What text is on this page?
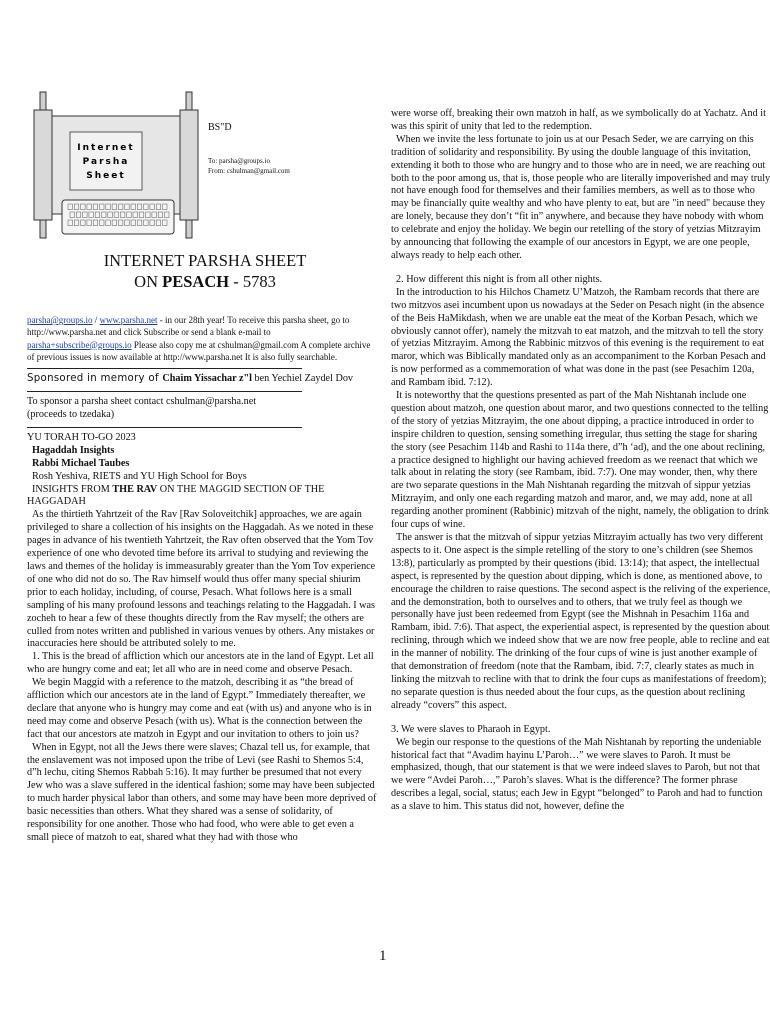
Internet
Parsha
Sheet
BS"D
To: parsha@groups.io
From: cshulman@gmail.com
INTERNET PARSHA SHEET
ON PESACH - 5783

parsha@groups.io / www.parsha.net - in our 28th year! To receive this parsha sheet, go to http://www.parsha.net and click Subscribe or send a blank e-mail to parsha+subscribe@groups.io Please also copy me at cshulman@gmail.com A complete archive of previous issues is now available at http://www.parsha.net It is also fully searchable.

Sponsored in memory of Chaim Yissachar z"l ben Yechiel Zaydel Dov

To sponsor a parsha sheet contact cshulman@parsha.net

(proceeds to tzedaka)

YU TORAH TO-GO 2023

Hagaddah Insights

Rabbi Michael Taubes

Rosh Yeshiva, RIETS and YU High School for Boys

INSIGHTS FROM THE RAV ON THE MAGGID SECTION OF THE HAGGADAH

As the thirtieth Yahrtzeit of the Rav [Rav Soloveitchik] approaches, we are again privileged to share a collection of his insights on the Haggadah. As we noted in these pages in advance of his twentieth Yahrtzeit, the Rav often observed that the Yom Tov experience of one who devoted time before its arrival to studying and reviewing the laws and themes of the holiday is immeasurably greater than the Yom Tov experience of one who did not do so. The Rav himself would thus offer many special shiurim prior to each holiday, including, of course, Pesach. What follows here is a small sampling of his many profound lessons and teachings relating to the Haggadah. I was zocheh to hear a few of these thoughts directly from the Rav myself; the others are culled from notes written and published in various venues by others. Any mistakes or inaccuracies here should be attributed solely to me.

1. This is the bread of affliction which our ancestors ate in the land of Egypt. Let all who are hungry come and eat; let all who are in need come and observe Pesach.

We begin Maggid with a reference to the matzoh, describing it as “the bread of affliction which our ancestors ate in the land of Egypt.” Immediately thereafter, we declare that anyone who is hungry may come and eat (with us) and anyone who is in need may come and observe Pesach (with us). What is the connection between the fact that our ancestors ate matzoh in Egypt and our invitation to others to join us?

When in Egypt, not all the Jews there were slaves; Chazal tell us, for example, that the enslavement was not imposed upon the tribe of Levi (see Rashi to Shemos 5:4, d”h lechu, citing Shemos Rabbah 5:16). It may further be presumed that not every Jew who was a slave suffered in the identical fashion; some may have been subjected to much harder physical labor than others, and some may have been more deprived of basic necessities than others. What they shared was a sense of solidarity, of responsibility for one another. Those who had food, who were able to get even a small piece of matzoh to eat, shared what they had with those who

were worse off, breaking their own matzoh in half, as we symbolically do at Yachatz. And it was this spirit of unity that led to the redemption.

When we invite the less fortunate to join us at our Pesach Seder, we are carrying on this tradition of solidarity and responsibility. By using the double language of this invitation, extending it both to those who are hungry and to those who are in need, we are reaching out both to the poor among us, that is, those people who are literally impoverished and may truly not have enough food for themselves and their families members, as well as to those who may be financially quite wealthy and who have plenty to eat, but are "in need" because they are lonely, because they don’t “fit in” anywhere, and because they have nobody with whom to celebrate and enjoy the holiday. We begin our retelling of the story of yetzias Mitzrayim by announcing that following the example of our ancestors in Egypt, we are one people, always ready to help each other.

2. How different this night is from all other nights.

In the introduction to his Hilchos Chametz U’Matzoh, the Rambam records that there are two mitzvos asei incumbent upon us nowadays at the Seder on Pesach night (in the absence of the Beis HaMikdash, when we are unable eat the meat of the Korban Pesach, which we obviously cannot offer), namely the mitzvah to eat matzoh, and the mitzvah to tell the story of yetzias Mitzrayim. Among the Rabbinic mitzvos of this evening is the requirement to eat maror, which was Biblically mandated only as an accompaniment to the Korban Pesach and is now performed as a commemoration of what was done in the past (see Pesachim 120a, and Rambam ibid. 7:12).

It is noteworthy that the questions presented as part of the Mah Nishtanah include one question about matzoh, one question about maror, and two questions connected to the telling of the story of yetzias Mitzrayim, the one about dipping, a practice introduced in order to inspire children to question, sensing something irregular, thus setting the stage for sharing the story (see Pesachim 114b and Rashi to 114a there, d”h ‘ad), and the one about reclining, a practice designed to highlight our having achieved freedom as we reenact that which we talk about in relating the story (see Rambam, ibid. 7:7). One may wonder, then, why there are two separate questions in the Mah Nishtanah regarding the mitzvah of sippur yetzias Mitzrayim, and only one each regarding matzoh and maror, and, we may add, none at all regarding another prominent (Rabbinic) mitzvah of the night, namely, the obligation to drink four cups of wine.

The answer is that the mitzvah of sippur yetzias Mitzrayim actually has two very different aspects to it. One aspect is the simple retelling of the story to one’s children (see Shemos 13:8), particularly as prompted by their questions (ibid. 13:14); that aspect, the intellectual aspect, is represented by the question about dipping, which is done, as mentioned above, to encourage the children to raise questions. The second aspect is the reliving of the experience, and the demonstration, both to ourselves and to others, that we truly feel as though we personally have just been redeemed from Egypt (see the Mishnah in Pesachim 116a and Rambam, ibid. 7:6). That aspect, the experiential aspect, is represented by the question about reclining, through which we indeed show that we are now free people, able to recline and eat in the manner of nobility. The drinking of the four cups of wine is just another example of that demonstration of freedom (note that the Rambam, ibid. 7:7, clearly states as much in linking the mitzvah to recline with that to drink the four cups as manifestations of freedom); no separate question is thus needed about the four cups, as the question about reclining already “covers” this aspect.

3. We were slaves to Pharaoh in Egypt.

We begin our response to the questions of the Mah Nishtanah by reporting the undeniable historical fact that “Avadim hayinu L’Paroh…” we were slaves to Paroh. It must be emphasized, though, that our statement is that we were indeed slaves to Paroh, but not that we were “Avdei Paroh…,” Paroh’s slaves. What is the difference? The former phrase describes a legal, social, status; each Jew in Egypt “belonged” to Paroh and had to function as a slave to him. This status did not, however, define the

1
